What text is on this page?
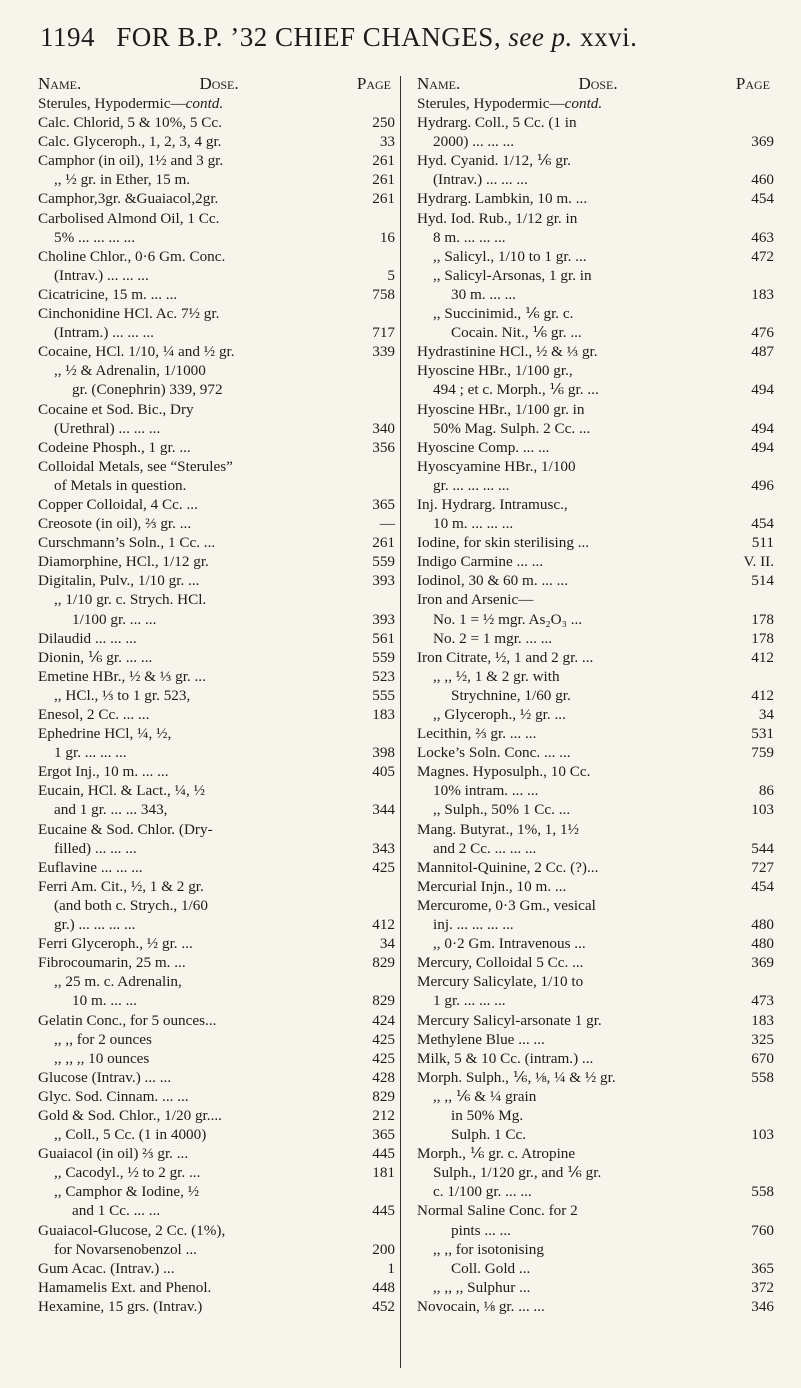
1194 FOR B.P. ’32 CHIEF CHANGES, see p. xxvi.
Name.	Dose.	Page
Sterules, Hypodermic—contd.
Calc. Chlorid, 5 & 10%, 5 Cc.	250
Calc. Glyceroph., 1, 2, 3, 4 gr.	33
Camphor (in oil), 1½ and 3 gr.	261
,, ½ gr. in Ether, 15 m.	261
Camphor,3gr. &Guaiacol,2gr.	261
Carbolised Almond Oil, 1 Cc.
5% ... ... ... ...	16
Choline Chlor., 0·6 Gm. Conc.
(Intrav.) ... ... ...	5
Cicatricine, 15 m. ... ...	758
Cinchonidine HCl. Ac. 7½ gr.
(Intram.) ... ... ...	717
Cocaine, HCl. 1/10, ¼ and ½ gr.	339
,, ½ & Adrenalin, 1/1000
gr. (Conephrin) 339, 972
Cocaine et Sod. Bic., Dry
(Urethral) ... ... ...	340
Codeine Phosph., 1 gr. ...	356
Colloidal Metals, see “Sterules”
of Metals in question.
Copper Colloidal, 4 Cc. ...	365
Creosote (in oil), ⅔ gr. ...	—
Curschmann’s Soln., 1 Cc. ...	261
Diamorphine, HCl., 1/12 gr.	559
Digitalin, Pulv., 1/10 gr. ...	393
,, 1/10 gr. c. Strych. HCl.
1/100 gr. ... ...	393
Dilaudid ... ... ...	561
Dionin, ⅙ gr. ... ...	559
Emetine HBr., ½ & ⅓ gr. ...	523
,, HCl., ⅓ to 1 gr. 523,	555
Enesol, 2 Cc. ... ...	183
Ephedrine HCl, ¼, ½,
1 gr. ... ... ...	398
Ergot Inj., 10 m. ... ...	405
Eucain, HCl. & Lact., ¼, ½
and 1 gr. ... ... 343,	344
Eucaine & Sod. Chlor. (Dry-
filled) ... ... ...	343
Euflavine ... ... ...	425
Ferri Am. Cit., ½, 1 & 2 gr.
(and both c. Strych., 1/60
gr.) ... ... ... ...	412
Ferri Glyceroph., ½ gr. ...	34
Fibrocoumarin, 25 m. ...	829
,, 25 m. c. Adrenalin,
10 m. ... ...	829
Gelatin Conc., for 5 ounces...	424
,, ,, for 2 ounces	425
,, ,, ,, 10 ounces	425
Glucose (Intrav.) ... ...	428
Glyc. Sod. Cinnam. ... ...	829
Gold & Sod. Chlor., 1/20 gr....	212
,, Coll., 5 Cc. (1 in 4000)	365
Guaiacol (in oil) ⅔ gr. ...	445
,, Cacodyl., ½ to 2 gr. ...	181
,, Camphor & Iodine, ½
and 1 Cc. ... ...	445
Guaiacol-Glucose, 2 Cc. (1%),
for Novarsenobenzol ...	200
Gum Acac. (Intrav.) ...	1
Hamamelis Ext. and Phenol.	448
Hexamine, 15 grs. (Intrav.)	452
Name.	Dose.	Page
Sterules, Hypodermic—contd.
Hydrarg. Coll., 5 Cc. (1 in
2000) ... ... ...	369
Hyd. Cyanid. 1/12, ⅙ gr.
(Intrav.) ... ... ...	460
Hydrarg. Lambkin, 10 m. ...	454
Hyd. Iod. Rub., 1/12 gr. in
8 m. ... ... ...	463
,, Salicyl., 1/10 to 1 gr. ...	472
,, Salicyl-Arsonas, 1 gr. in
30 m. ... ...	183
,, Succinimid., ⅙ gr. c.
Cocain. Nit., ⅙ gr. ...	476
Hydrastinine HCl., ½ & ⅓ gr.	487
Hyoscine HBr., 1/100 gr.,
494 ; et c. Morph., ⅙ gr. ...	494
Hyoscine HBr., 1/100 gr. in
50% Mag. Sulph. 2 Cc. ...	494
Hyoscine Comp. ... ...	494
Hyoscyamine HBr., 1/100
gr. ... ... ... ...	496
Inj. Hydrarg. Intramusc.,
10 m. ... ... ...	454
Iodine, for skin sterilising ...	511
Indigo Carmine ... ...	V. II.
Iodinol, 30 & 60 m. ... ...	514
Iron and Arsenic—
No. 1 = ½ mgr. As₂O₃ ...	178
No. 2 = 1 mgr. ... ...	178
Iron Citrate, ½, 1 and 2 gr. ...	412
,, ,, ½, 1 & 2 gr. with
Strychnine, 1/60 gr.	412
,, Glyceroph., ½ gr. ...	34
Lecithin, ⅔ gr. ... ...	531
Locke’s Soln. Conc. ... ...	759
Magnes. Hyposulph., 10 Cc.
10% intram. ... ...	86
,, Sulph., 50% 1 Cc. ...	103
Mang. Butyrat., 1%, 1, 1½
and 2 Cc. ... ... ...	544
Mannitol-Quinine, 2 Cc. (?)...	727
Mercurial Injn., 10 m. ...	454
Mercurome, 0·3 Gm., vesical
inj. ... ... ... ...	480
,, 0·2 Gm. Intravenous ...	480
Mercury, Colloidal 5 Cc. ...	369
Mercury Salicylate, 1/10 to
1 gr. ... ... ...	473
Mercury Salicyl-arsonate 1 gr.	183
Methylene Blue ... ...	325
Milk, 5 & 10 Cc. (intram.) ...	670
Morph. Sulph., ⅙, ⅛, ¼ & ½ gr.	558
,, ,, ⅙ & ¼ grain
in 50% Mg.
Sulph. 1 Cc.	103
Morph., ⅙ gr. c. Atropine
Sulph., 1/120 gr., and ⅙ gr.
c. 1/100 gr. ... ...	558
Normal Saline Conc. for 2
pints ... ...	760
,, ,, for isotonising
Coll. Gold ...	365
,, ,, ,, Sulphur ...	372
Novocain, ⅛ gr. ... ...	346
